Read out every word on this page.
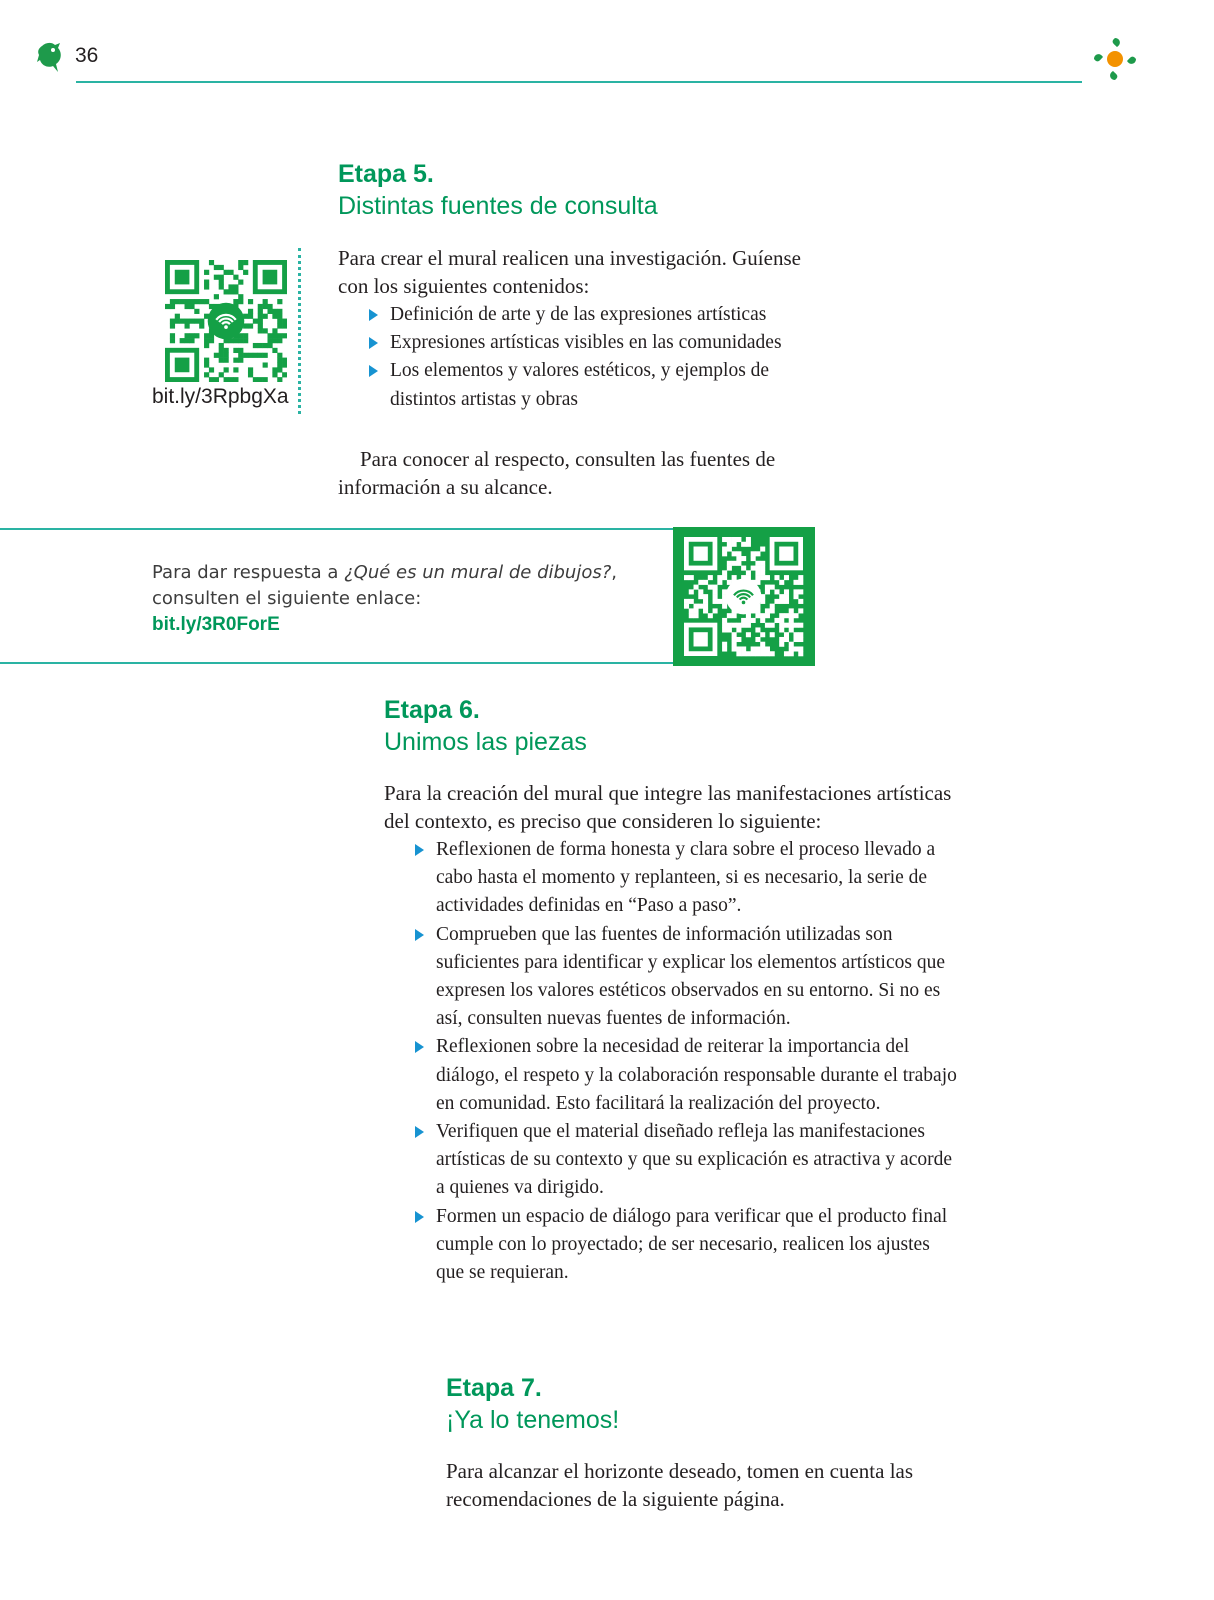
36
Etapa 5.
Distintas fuentes de consulta
bit.ly/3RpbgXa
Para crear el mural realicen una investigación. Guíense
con los siguientes contenidos:
Definición de arte y de las expresiones artísticas
Expresiones artísticas visibles en las comunidades
Los elementos y valores estéticos, y ejemplos de distintos artistas y obras
Para conocer al respecto, consulten las fuentes de información a su alcance.
Para dar respuesta a ¿Qué es un mural de dibujos?,
consulten el siguiente enlace:
bit.ly/3R0ForE
Etapa 6.
Unimos las piezas
Para la creación del mural que integre las manifestaciones artísticas del contexto, es preciso que consideren lo siguiente:
Reflexionen de forma honesta y clara sobre el proceso llevado a cabo hasta el momento y replanteen, si es necesario, la serie de actividades definidas en “Paso a paso”.
Comprueben que las fuentes de información utilizadas son suficientes para identificar y explicar los elementos artísticos que expresen los valores estéticos observados en su entorno. Si no es así, consulten nuevas fuentes de información.
Reflexionen sobre la necesidad de reiterar la importancia del diálogo, el respeto y la colaboración responsable durante el trabajo en comunidad. Esto facilitará la realización del proyecto.
Verifiquen que el material diseñado refleja las manifestaciones artísticas de su contexto y que su explicación es atractiva y acorde a quienes va dirigido.
Formen un espacio de diálogo para verificar que el producto final cumple con lo proyectado; de ser necesario, realicen los ajustes que se requieran.
Etapa 7.
¡Ya lo tenemos!
Para alcanzar el horizonte deseado, tomen en cuenta las recomendaciones de la siguiente página.
